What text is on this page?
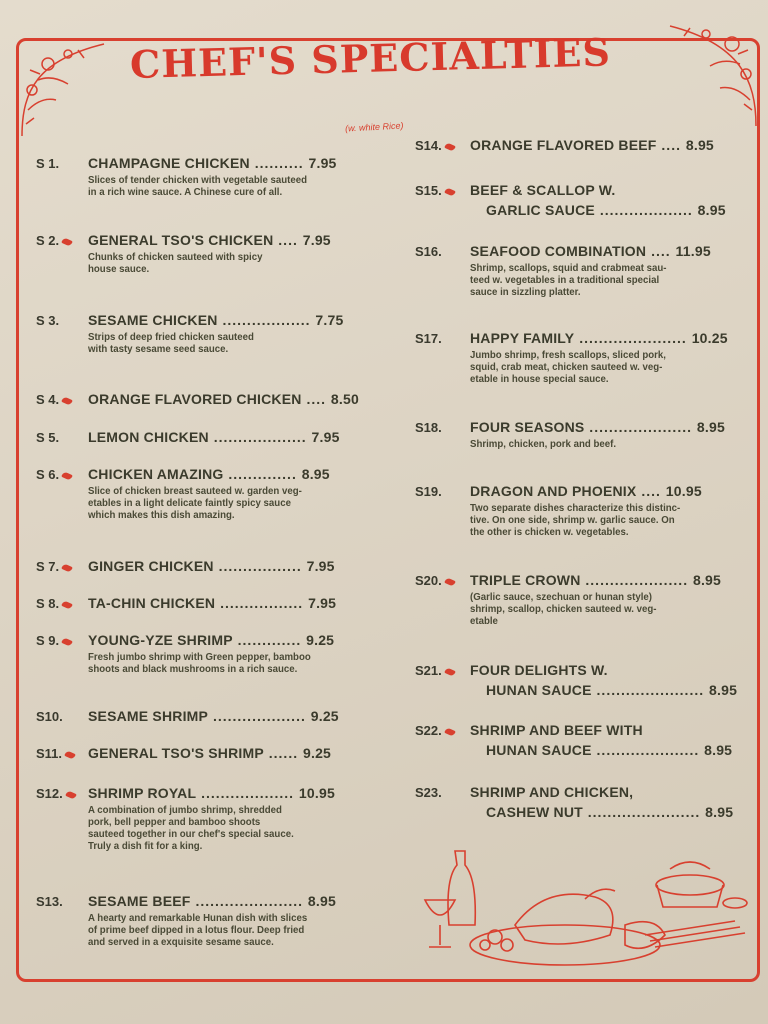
CHEF'S SPECIALTIES
(w. white Rice)
S 1. CHAMPAGNE CHICKEN .......... 7.95
Slices of tender chicken with vegetable sauteed
in a rich wine sauce. A Chinese cure of all.
S 2.	GENERAL TSO'S CHICKEN .... 7.95
Chunks of chicken sauteed with spicy
house sauce.
S 3. SESAME CHICKEN .................. 7.75
Strips of deep fried chicken sauteed
with tasty sesame seed sauce.
S 4.	ORANGE FLAVORED CHICKEN .... 8.50
S 5. LEMON CHICKEN ................... 7.95
S 6.	CHICKEN AMAZING .............. 8.95
Slice of chicken breast sauteed w. garden veg-
etables in a light delicate faintly spicy sauce
which makes this dish amazing.
S 7.	GINGER CHICKEN ................. 7.95
S 8.	TA-CHIN CHICKEN ................. 7.95
S 9.	YOUNG-YZE SHRIMP ............. 9.25
Fresh jumbo shrimp with Green pepper, bamboo
shoots and black mushrooms in a rich sauce.
S10. SESAME SHRIMP ................... 9.25
S11.	GENERAL TSO'S SHRIMP ...... 9.25
S12.	SHRIMP ROYAL ................... 10.95
A combination of jumbo shrimp, shredded
pork, bell pepper and bamboo shoots
sauteed together in our chef's special sauce.
Truly a dish fit for a king.
S13. SESAME BEEF ...................... 8.95
A hearty and remarkable Hunan dish with slices
of prime beef dipped in a lotus flour. Deep fried
and served in a exquisite sesame sauce.
S14.	ORANGE FLAVORED BEEF .... 8.95
S15.	BEEF & SCALLOP W.
GARLIC SAUCE ................... 8.95
S16. SEAFOOD COMBINATION .... 11.95
Shrimp, scallops, squid and crabmeat sau-
teed w. vegetables in a traditional special
sauce in sizzling platter.
S17. HAPPY FAMILY ...................... 10.25
Jumbo shrimp, fresh scallops, sliced pork,
squid, crab meat, chicken sauteed w. veg-
etable in house special sauce.
S18. FOUR SEASONS ..................... 8.95
Shrimp, chicken, pork and beef.
S19. DRAGON AND PHOENIX .... 10.95
Two separate dishes characterize this distinc-
tive. On one side, shrimp w. garlic sauce. On
the other is chicken w. vegetables.
S20.	TRIPLE CROWN ..................... 8.95
(Garlic sauce, szechuan or hunan style)
shrimp, scallop, chicken sauteed w. veg-
etable
S21.	FOUR DELIGHTS W.
HUNAN SAUCE ...................... 8.95
S22.	SHRIMP AND BEEF WITH
HUNAN SAUCE ..................... 8.95
S23. SHRIMP AND CHICKEN,
CASHEW NUT ....................... 8.95
